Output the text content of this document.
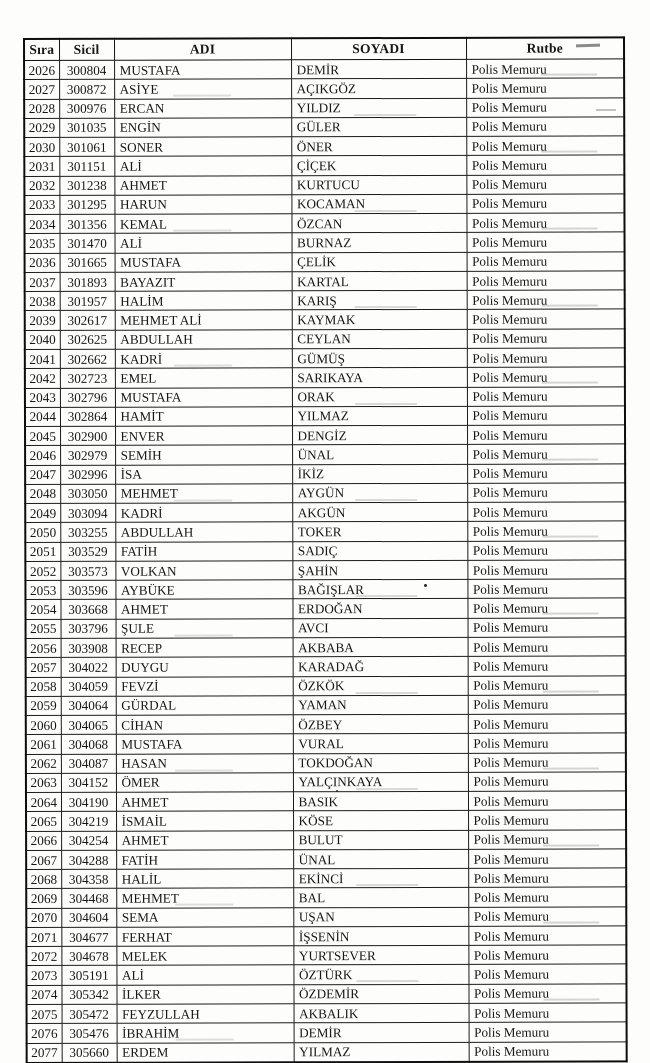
Sıra	Sicil	ADI	SOYADI	Rutbe
2026	300804	MUSTAFA	DEMİR	Polis Memuru
2027	300872	ASİYE	AÇIKGÖZ	Polis Memuru
2028	300976	ERCAN	YILDIZ	Polis Memuru
2029	301035	ENGİN	GÜLER	Polis Memuru
2030	301061	SONER	ÖNER	Polis Memuru
2031	301151	ALİ	ÇİÇEK	Polis Memuru
2032	301238	AHMET	KURTUCU	Polis Memuru
2033	301295	HARUN	KOCAMAN	Polis Memuru
2034	301356	KEMAL	ÖZCAN	Polis Memuru
2035	301470	ALİ	BURNAZ	Polis Memuru
2036	301665	MUSTAFA	ÇELİK	Polis Memuru
2037	301893	BAYAZIT	KARTAL	Polis Memuru
2038	301957	HALİM	KARIŞ	Polis Memuru
2039	302617	MEHMET ALİ	KAYMAK	Polis Memuru
2040	302625	ABDULLAH	CEYLAN	Polis Memuru
2041	302662	KADRİ	GÜMÜŞ	Polis Memuru
2042	302723	EMEL	SARIKAYA	Polis Memuru
2043	302796	MUSTAFA	ORAK	Polis Memuru
2044	302864	HAMİT	YILMAZ	Polis Memuru
2045	302900	ENVER	DENGİZ	Polis Memuru
2046	302979	SEMİH	ÜNAL	Polis Memuru
2047	302996	İSA	İKİZ	Polis Memuru
2048	303050	MEHMET	AYGÜN	Polis Memuru
2049	303094	KADRİ	AKGÜN	Polis Memuru
2050	303255	ABDULLAH	TOKER	Polis Memuru
2051	303529	FATİH	SADIÇ	Polis Memuru
2052	303573	VOLKAN	ŞAHİN	Polis Memuru
2053	303596	AYBÜKE	BAĞIŞLAR	Polis Memuru
2054	303668	AHMET	ERDOĞAN	Polis Memuru
2055	303796	ŞULE	AVCI	Polis Memuru
2056	303908	RECEP	AKBABA	Polis Memuru
2057	304022	DUYGU	KARADAĞ	Polis Memuru
2058	304059	FEVZİ	ÖZKÖK	Polis Memuru
2059	304064	GÜRDAL	YAMAN	Polis Memuru
2060	304065	CİHAN	ÖZBEY	Polis Memuru
2061	304068	MUSTAFA	VURAL	Polis Memuru
2062	304087	HASAN	TOKDOĞAN	Polis Memuru
2063	304152	ÖMER	YALÇINKAYA	Polis Memuru
2064	304190	AHMET	BASIK	Polis Memuru
2065	304219	İSMAİL	KÖSE	Polis Memuru
2066	304254	AHMET	BULUT	Polis Memuru
2067	304288	FATİH	ÜNAL	Polis Memuru
2068	304358	HALİL	EKİNCİ	Polis Memuru
2069	304468	MEHMET	BAL	Polis Memuru
2070	304604	SEMA	UŞAN	Polis Memuru
2071	304677	FERHAT	İŞSENİN	Polis Memuru
2072	304678	MELEK	YURTSEVER	Polis Memuru
2073	305191	ALİ	ÖZTÜRK	Polis Memuru
2074	305342	İLKER	ÖZDEMİR	Polis Memuru
2075	305472	FEYZULLAH	AKBALIK	Polis Memuru
2076	305476	İBRAHİM	DEMİR	Polis Memuru
2077	305660	ERDEM	YILMAZ	Polis Memuru
